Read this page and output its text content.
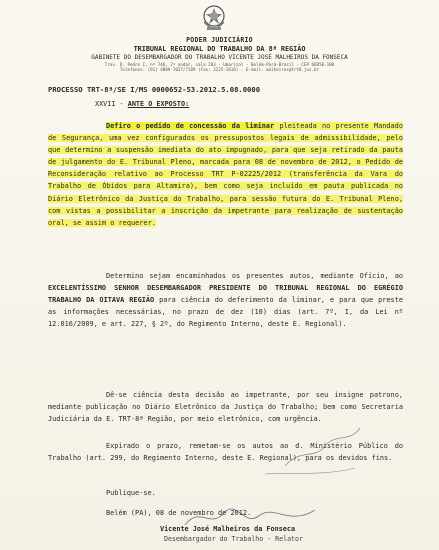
PODER JUDICIÁRIO
TRIBUNAL REGIONAL DO TRABALHO DA 8ª REGIÃO
GABINETE DO DESEMBARGADOR DO TRABALHO VICENTE JOSÉ MALHEIROS DA FONSECA
Trav. D. Pedro I, nº 746, 2º andar, sala 203 - Umarizal - Belém-Pará-Brasil - CEP 66050-100
Telefones: (91) 4009-7027/7189 (Fax: 3225-1616) - E-mail: malheiros@trt8.jus.br
PROCESSO TRT-8ª/SE I/MS 0000652-53.2012.5.08.0000
XXVII - ANTE O EXPOSTO:
Defiro o pedido de concessão da liminar pleiteada no presente Mandado de Segurança, uma vez configurados os pressupostos legais de admissibilidade, pelo que determino a suspensão imediata do ato impugnado, para que seja retirado da pauta de julgamento do E. Tribunal Pleno, marcada para 08 de novembro de 2012, o Pedido de Reconsideração relativo ao Processo TRT P-02225/2012 (transferência da Vara do Trabalho de Óbidos para Altamira), bem como seja incluído em pauta publicada no Diário Eletrônico da Justiça do Trabalho, para sessão futura do E. Tribunal Pleno, com vistas a possibilitar a inscrição da impetrante para realização de sustentação oral, se assim o requerer.
Determino sejam encaminhados os presentes autos, mediante Ofício, ao EXCELENTÍSSIMO SENHOR DESEMBARGADOR PRESIDENTE DO TRIBUNAL REGIONAL DO EGRÉGIO TRABALHO DA OITAVA REGIÃO para ciência do deferimento da liminar, e para que preste as informações necessárias, no prazo de dez (10) dias (art. 7º, I, da Lei nº 12.016/2009, e art. 227, § 2º, do Regimento Interno, deste E. Regional).
Dê-se ciência desta decisão ao impetrante, por seu insigne patrono, mediante publicação no Diário Eletrônico da Justiça do Trabalho; bem como Secretaria Judiciária da E. TRT-8ª Região, por meio eletrônico, com urgência.
Expirado o prazo, remetam-se os autos ao d. Ministério Público do Trabalho (art. 299, do Regimento Interno, deste E. Regional), para os devidos fins.
Publique-se.
Belém (PA), 08 de novembro de 2012.
Vicente José Malheiros da Fonseca
Desembargador do Trabalho - Relator
